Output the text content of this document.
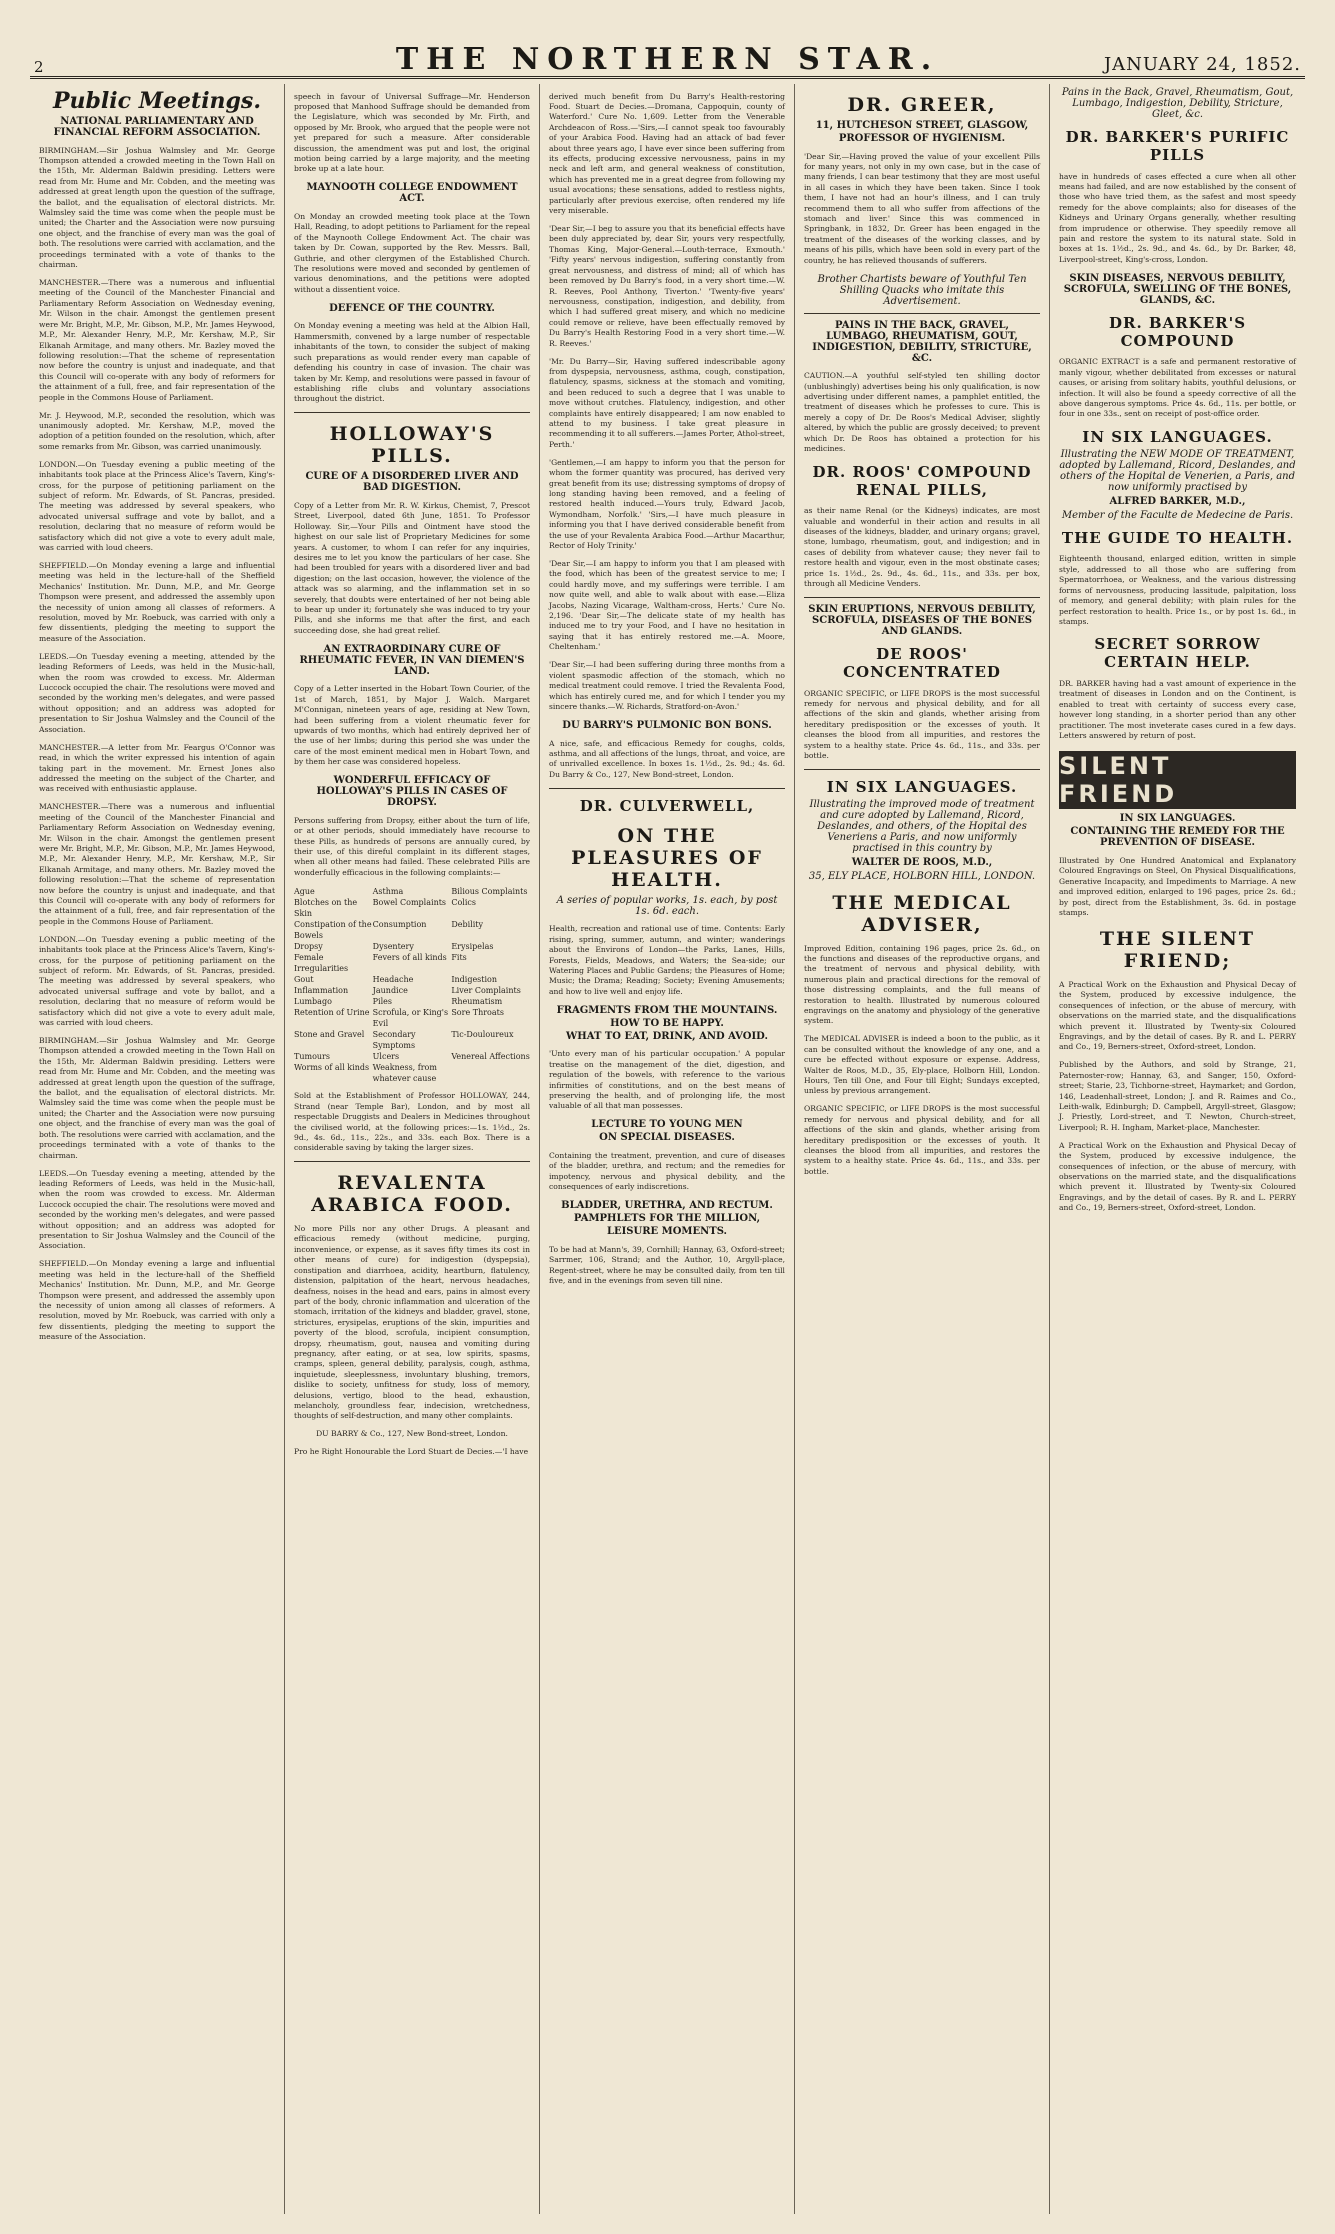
2	THE NORTHERN STAR.	JANUARY 24, 1852.
Public Meetings.
NATIONAL PARLIAMENTARY AND FINANCIAL REFORM ASSOCIATION.

BIRMINGHAM.—Sir Joshua Walmsley and Mr. George Thompson attended a crowded meeting in the Town Hall on the 15th, Mr. Alderman Baldwin presiding. Letters were read from Mr. Hume and Mr. Cobden, and the meeting was addressed at great length upon the question of the suffrage, the ballot, and the equalisation of electoral districts. Mr. Walmsley said the time was come when the people must be united; the Charter and the Association were now pursuing one object, and the franchise of every man was the goal of both. The resolutions were carried with acclamation, and the proceedings terminated with a vote of thanks to the chairman.

MANCHESTER.—There was a numerous and influential meeting of the Council of the Manchester Financial and Parliamentary Reform Association on Wednesday evening, Mr. Wilson in the chair. Amongst the gentlemen present were Mr. Bright, M.P., Mr. Gibson, M.P., Mr. James Heywood, M.P., Mr. Alexander Henry, M.P., Mr. Kershaw, M.P., Sir Elkanah Armitage, and many others. Mr. Bazley moved the following resolution:—That the scheme of representation now before the country is unjust and inadequate, and that this Council will co-operate with any body of reformers for the attainment of a full, free, and fair representation of the people in the Commons House of Parliament.

Mr. J. Heywood, M.P., seconded the resolution, which was unanimously adopted. Mr. Kershaw, M.P., moved the adoption of a petition founded on the resolution, which, after some remarks from Mr. Gibson, was carried unanimously.

LONDON.—On Tuesday evening a public meeting of the inhabitants took place at the Princess Alice's Tavern, King's-cross, for the purpose of petitioning parliament on the subject of reform. Mr. Edwards, of St. Pancras, presided. The meeting was addressed by several speakers, who advocated universal suffrage and vote by ballot, and a resolution, declaring that no measure of reform would be satisfactory which did not give a vote to every adult male, was carried with loud cheers.

SHEFFIELD.—On Monday evening a large and influential meeting was held in the lecture-hall of the Sheffield Mechanics' Institution. Mr. Dunn, M.P., and Mr. George Thompson were present, and addressed the assembly upon the necessity of union among all classes of reformers. A resolution, moved by Mr. Roebuck, was carried with only a few dissentients, pledging the meeting to support the measure of the Association.

LEEDS.—On Tuesday evening a meeting, attended by the leading Reformers of Leeds, was held in the Music-hall, when the room was crowded to excess. Mr. Alderman Luccock occupied the chair. The resolutions were moved and seconded by the working men's delegates, and were passed without opposition; and an address was adopted for presentation to Sir Joshua Walmsley and the Council of the Association.

MANCHESTER.—A letter from Mr. Feargus O'Connor was read, in which the writer expressed his intention of again taking part in the movement. Mr. Ernest Jones also addressed the meeting on the subject of the Charter, and was received with enthusiastic applause.

MANCHESTER.—There was a numerous and influential meeting of the Council of the Manchester Financial and Parliamentary Reform Association on Wednesday evening, Mr. Wilson in the chair. Amongst the gentlemen present were Mr. Bright, M.P., Mr. Gibson, M.P., Mr. James Heywood, M.P., Mr. Alexander Henry, M.P., Mr. Kershaw, M.P., Sir Elkanah Armitage, and many others. Mr. Bazley moved the following resolution:—That the scheme of representation now before the country is unjust and inadequate, and that this Council will co-operate with any body of reformers for the attainment of a full, free, and fair representation of the people in the Commons House of Parliament.

LONDON.—On Tuesday evening a public meeting of the inhabitants took place at the Princess Alice's Tavern, King's-cross, for the purpose of petitioning parliament on the subject of reform. Mr. Edwards, of St. Pancras, presided. The meeting was addressed by several speakers, who advocated universal suffrage and vote by ballot, and a resolution, declaring that no measure of reform would be satisfactory which did not give a vote to every adult male, was carried with loud cheers.

BIRMINGHAM.—Sir Joshua Walmsley and Mr. George Thompson attended a crowded meeting in the Town Hall on the 15th, Mr. Alderman Baldwin presiding. Letters were read from Mr. Hume and Mr. Cobden, and the meeting was addressed at great length upon the question of the suffrage, the ballot, and the equalisation of electoral districts. Mr. Walmsley said the time was come when the people must be united; the Charter and the Association were now pursuing one object, and the franchise of every man was the goal of both. The resolutions were carried with acclamation, and the proceedings terminated with a vote of thanks to the chairman.

LEEDS.—On Tuesday evening a meeting, attended by the leading Reformers of Leeds, was held in the Music-hall, when the room was crowded to excess. Mr. Alderman Luccock occupied the chair. The resolutions were moved and seconded by the working men's delegates, and were passed without opposition; and an address was adopted for presentation to Sir Joshua Walmsley and the Council of the Association.

SHEFFIELD.—On Monday evening a large and influential meeting was held in the lecture-hall of the Sheffield Mechanics' Institution. Mr. Dunn, M.P., and Mr. George Thompson were present, and addressed the assembly upon the necessity of union among all classes of reformers. A resolution, moved by Mr. Roebuck, was carried with only a few dissentients, pledging the meeting to support the measure of the Association.

speech in favour of Universal Suffrage—Mr. Henderson proposed that Manhood Suffrage should be demanded from the Legislature, which was seconded by Mr. Firth, and opposed by Mr. Brook, who argued that the people were not yet prepared for such a measure. After considerable discussion, the amendment was put and lost, the original motion being carried by a large majority, and the meeting broke up at a late hour.

MAYNOOTH COLLEGE ENDOWMENT ACT.

On Monday an crowded meeting took place at the Town Hall, Reading, to adopt petitions to Parliament for the repeal of the Maynooth College Endowment Act. The chair was taken by Dr. Cowan, supported by the Rev. Messrs. Ball, Guthrie, and other clergymen of the Established Church. The resolutions were moved and seconded by gentlemen of various denominations, and the petitions were adopted without a dissentient voice.

DEFENCE OF THE COUNTRY.

On Monday evening a meeting was held at the Albion Hall, Hammersmith, convened by a large number of respectable inhabitants of the town, to consider the subject of making such preparations as would render every man capable of defending his country in case of invasion. The chair was taken by Mr. Kemp, and resolutions were passed in favour of establishing rifle clubs and voluntary associations throughout the district.

HOLLOWAY'S PILLS.
CURE OF A DISORDERED LIVER AND BAD DIGESTION.

Copy of a Letter from Mr. R. W. Kirkus, Chemist, 7, Prescot Street, Liverpool, dated 6th June, 1851. To Professor Holloway. Sir,—Your Pills and Ointment have stood the highest on our sale list of Proprietary Medicines for some years. A customer, to whom I can refer for any inquiries, desires me to let you know the particulars of her case. She had been troubled for years with a disordered liver and bad digestion; on the last occasion, however, the violence of the attack was so alarming, and the inflammation set in so severely, that doubts were entertained of her not being able to bear up under it; fortunately she was induced to try your Pills, and she informs me that after the first, and each succeeding dose, she had great relief.

AN EXTRAORDINARY CURE OF RHEUMATIC FEVER, IN VAN DIEMEN'S LAND.

Copy of a Letter inserted in the Hobart Town Courier, of the 1st of March, 1851, by Major J. Walch. Margaret M'Connigan, nineteen years of age, residing at New Town, had been suffering from a violent rheumatic fever for upwards of two months, which had entirely deprived her of the use of her limbs; during this period she was under the care of the most eminent medical men in Hobart Town, and by them her case was considered hopeless.

WONDERFUL EFFICACY OF HOLLOWAY'S PILLS IN CASES OF DROPSY.

Persons suffering from Dropsy, either about the turn of life, or at other periods, should immediately have recourse to these Pills, as hundreds of persons are annually cured, by their use, of this direful complaint in its different stages, when all other means had failed. These celebrated Pills are wonderfully efficacious in the following complaints:—

Ague	Asthma	Bilious Complaints
Blotches on the Skin
Bowel Complaints Colics
Constipation of the Bowels
Consumption	Debility
Dropsy	Dysentery	Erysipelas
Female Irregularities
Fevers of all kinds Fits
Gout	Headache	Indigestion
Inflammation	Jaundice	Liver Complaints
Lumbago	Piles	Rheumatism
Retention of Urine Scrofula, or King's Evil
Sore Throats
Stone and Gravel	Secondary Symptoms
Tic-Douloureux
Tumours	Ulcers	Venereal Affections
Worms of all kinds Weakness, from whatever cause

Sold at the Establishment of Professor HOLLOWAY, 244, Strand (near Temple Bar), London, and by most all respectable Druggists and Dealers in Medicines throughout the civilised world, at the following prices:—1s. 1½d., 2s. 9d., 4s. 6d., 11s., 22s., and 33s. each Box. There is a considerable saving by taking the larger sizes.

REVALENTA ARABICA FOOD.

No more Pills nor any other Drugs. A pleasant and efficacious remedy (without medicine, purging, inconvenience, or expense, as it saves fifty times its cost in other means of cure) for indigestion (dyspepsia), constipation and diarrhoea, acidity, heartburn, flatulency, distension, palpitation of the heart, nervous headaches, deafness, noises in the head and ears, pains in almost every part of the body, chronic inflammation and ulceration of the stomach, irritation of the kidneys and bladder, gravel, stone, strictures, erysipelas, eruptions of the skin, impurities and poverty of the blood, scrofula, incipient consumption, dropsy, rheumatism, gout, nausea and vomiting during pregnancy, after eating, or at sea, low spirits, spasms, cramps, spleen, general debility, paralysis, cough, asthma, inquietude, sleeplessness, involuntary blushing, tremors, dislike to society, unfitness for study, loss of memory, delusions, vertigo, blood to the head, exhaustion, melancholy, groundless fear, indecision, wretchedness, thoughts of self-destruction, and many other complaints.

DU BARRY & Co., 127, New Bond-street, London.

Pro he Right Honourable the Lord Stuart de Decies.—'I have

derived much benefit from Du Barry's Health-restoring Food. Stuart de Decies.—Dromana, Cappoquin, county of Waterford.' Cure No. 1,609. Letter from the Venerable Archdeacon of Ross.—'Sirs,—I cannot speak too favourably of your Arabica Food. Having had an attack of bad fever about three years ago, I have ever since been suffering from its effects, producing excessive nervousness, pains in my neck and left arm, and general weakness of constitution, which has prevented me in a great degree from following my usual avocations; these sensations, added to restless nights, particularly after previous exercise, often rendered my life very miserable.

'Dear Sir,—I beg to assure you that its beneficial effects have been duly appreciated by, dear Sir, yours very respectfully, Thomas King, Major-General.—Louth-terrace, Exmouth.' 'Fifty years' nervous indigestion, suffering constantly from great nervousness, and distress of mind; all of which has been removed by Du Barry's food, in a very short time.—W. R. Reeves, Pool Anthony, Tiverton.' 'Twenty-five years' nervousness, constipation, indigestion, and debility, from which I had suffered great misery, and which no medicine could remove or relieve, have been effectually removed by Du Barry's Health Restoring Food in a very short time.—W. R. Reeves.'

'Mr. Du Barry—Sir, Having suffered indescribable agony from dyspepsia, nervousness, asthma, cough, constipation, flatulency, spasms, sickness at the stomach and vomiting, and been reduced to such a degree that I was unable to move without crutches. Flatulency, indigestion, and other complaints have entirely disappeared; I am now enabled to attend to my business. I take great pleasure in recommending it to all sufferers.—James Porter, Athol-street, Perth.'

'Gentlemen,—I am happy to inform you that the person for whom the former quantity was procured, has derived very great benefit from its use; distressing symptoms of dropsy of long standing having been removed, and a feeling of restored health induced.—Yours truly, Edward Jacob, Wymondham, Norfolk.' 'Sirs,—I have much pleasure in informing you that I have derived considerable benefit from the use of your Revalenta Arabica Food.—Arthur Macarthur, Rector of Holy Trinity.'

'Dear Sir,—I am happy to inform you that I am pleased with the food, which has been of the greatest service to me; I could hardly move, and my sufferings were terrible. I am now quite well, and able to walk about with ease.—Eliza Jacobs, Nazing Vicarage, Waltham-cross, Herts.' Cure No. 2,196. 'Dear Sir,—The delicate state of my health has induced me to try your Food, and I have no hesitation in saying that it has entirely restored me.—A. Moore, Cheltenham.'

'Dear Sir,—I had been suffering during three months from a violent spasmodic affection of the stomach, which no medical treatment could remove. I tried the Revalenta Food, which has entirely cured me, and for which I tender you my sincere thanks.—W. Richards, Stratford-on-Avon.'

DU BARRY'S PULMONIC BON BONS.

A nice, safe, and efficacious Remedy for coughs, colds, asthma, and all affections of the lungs, throat, and voice, are of unrivalled excellence. In boxes 1s. 1½d., 2s. 9d.; 4s. 6d. Du Barry & Co., 127, New Bond-street, London.

DR. CULVERWELL,
ON THE PLEASURES OF HEALTH.
A series of popular works, 1s. each, by post 1s. 6d. each.

Health, recreation and rational use of time. Contents: Early rising, spring, summer, autumn, and winter; wanderings about the Environs of London—the Parks, Lanes, Hills, Forests, Fields, Meadows, and Waters; the Sea-side; our Watering Places and Public Gardens; the Pleasures of Home; Music; the Drama; Reading; Society; Evening Amusements; and how to live well and enjoy life.

FRAGMENTS FROM THE MOUNTAINS.
HOW TO BE HAPPY.
WHAT TO EAT, DRINK, AND AVOID.

'Unto every man of his particular occupation.' A popular treatise on the management of the diet, digestion, and regulation of the bowels, with reference to the various infirmities of constitutions, and on the best means of preserving the health, and of prolonging life, the most valuable of all that man possesses.

LECTURE TO YOUNG MEN
ON SPECIAL DISEASES.

Containing the treatment, prevention, and cure of diseases of the bladder, urethra, and rectum; and the remedies for impotency, nervous and physical debility, and the consequences of early indiscretions.

BLADDER, URETHRA, AND RECTUM.
PAMPHLETS FOR THE MILLION,
LEISURE MOMENTS.

To be had at Mann's, 39, Cornhill; Hannay, 63, Oxford-street; Sarrmer, 106, Strand; and the Author, 10, Argyll-place, Regent-street, where he may be consulted daily, from ten till five, and in the evenings from seven till nine.

DR. GREER,
11, HUTCHESON STREET, GLASGOW,
PROFESSOR OF HYGIENISM.

'Dear Sir,—Having proved the value of your excellent Pills for many years, not only in my own case, but in the case of many friends, I can bear testimony that they are most useful in all cases in which they have been taken. Since I took them, I have not had an hour's illness, and I can truly recommend them to all who suffer from affections of the stomach and liver.' Since this was commenced in Springbank, in 1832, Dr. Greer has been engaged in the treatment of the diseases of the working classes, and by means of his pills, which have been sold in every part of the country, he has relieved thousands of sufferers.

Brother Chartists beware of Youthful Ten Shilling Quacks who imitate this Advertisement.
PAINS IN THE BACK, GRAVEL, LUMBAGO, RHEUMATISM, GOUT, INDIGESTION, DEBILITY, STRICTURE, &C.

CAUTION.—A youthful self-styled ten shilling doctor (unblushingly) advertises being his only qualification, is now advertising under different names, a pamphlet entitled, the treatment of diseases which he professes to cure. This is merely a copy of Dr. De Roos's Medical Adviser, slightly altered, by which the public are grossly deceived; to prevent which Dr. De Roos has obtained a protection for his medicines.

DR. ROOS' COMPOUND RENAL PILLS,

as their name Renal (or the Kidneys) indicates, are most valuable and wonderful in their action and results in all diseases of the kidneys, bladder, and urinary organs; gravel, stone, lumbago, rheumatism, gout, and indigestion; and in cases of debility from whatever cause; they never fail to restore health and vigour, even in the most obstinate cases; price 1s. 1½d., 2s. 9d., 4s. 6d., 11s., and 33s. per box, through all Medicine Venders.

SKIN ERUPTIONS, NERVOUS DEBILITY, SCROFULA, DISEASES OF THE BONES AND GLANDS.
DE ROOS' CONCENTRATED

ORGANIC SPECIFIC, or LIFE DROPS is the most successful remedy for nervous and physical debility, and for all affections of the skin and glands, whether arising from hereditary predisposition or the excesses of youth. It cleanses the blood from all impurities, and restores the system to a healthy state. Price 4s. 6d., 11s., and 33s. per bottle.

IN SIX LANGUAGES.
Illustrating the improved mode of treatment and cure adopted by Lallemand, Ricord, Deslandes, and others, of the Hopital des Veneriens a Paris, and now uniformly practised in this country by
WALTER DE ROOS, M.D.,
35, ELY PLACE, HOLBORN HILL, LONDON.
THE MEDICAL ADVISER,

Improved Edition, containing 196 pages, price 2s. 6d., on the functions and diseases of the reproductive organs, and the treatment of nervous and physical debility, with numerous plain and practical directions for the removal of those distressing complaints, and the full means of restoration to health. Illustrated by numerous coloured engravings on the anatomy and physiology of the generative system.

The MEDICAL ADVISER is indeed a boon to the public, as it can be consulted without the knowledge of any one, and a cure be effected without exposure or expense. Address, Walter de Roos, M.D., 35, Ely-place, Holborn Hill, London. Hours, Ten till One, and Four till Eight; Sundays excepted, unless by previous arrangement.

ORGANIC SPECIFIC, or LIFE DROPS is the most successful remedy for nervous and physical debility, and for all affections of the skin and glands, whether arising from hereditary predisposition or the excesses of youth. It cleanses the blood from all impurities, and restores the system to a healthy state. Price 4s. 6d., 11s., and 33s. per bottle.

Pains in the Back, Gravel, Rheumatism, Gout, Lumbago, Indigestion, Debility, Stricture, Gleet, &c.
DR. BARKER'S PURIFIC PILLS

have in hundreds of cases effected a cure when all other means had failed, and are now established by the consent of those who have tried them, as the safest and most speedy remedy for the above complaints; also for diseases of the Kidneys and Urinary Organs generally, whether resulting from imprudence or otherwise. They speedily remove all pain and restore the system to its natural state. Sold in boxes at 1s. 1½d., 2s. 9d., and 4s. 6d., by Dr. Barker, 48, Liverpool-street, King's-cross, London.

SKIN DISEASES, NERVOUS DEBILITY, SCROFULA, SWELLING OF THE BONES, GLANDS, &C.
DR. BARKER'S COMPOUND

ORGANIC EXTRACT is a safe and permanent restorative of manly vigour, whether debilitated from excesses or natural causes, or arising from solitary habits, youthful delusions, or infection. It will also be found a speedy corrective of all the above dangerous symptoms. Price 4s. 6d., 11s. per bottle, or four in one 33s., sent on receipt of post-office order.

IN SIX LANGUAGES.
Illustrating the NEW MODE OF TREATMENT, adopted by Lallemand, Ricord, Deslandes, and others of the Hopital de Venerien, a Paris, and now uniformly practised by
ALFRED BARKER, M.D.,
Member of the Faculte de Medecine de Paris.
THE GUIDE TO HEALTH.

Eighteenth thousand, enlarged edition, written in simple style, addressed to all those who are suffering from Spermatorrhoea, or Weakness, and the various distressing forms of nervousness, producing lassitude, palpitation, loss of memory, and general debility; with plain rules for the perfect restoration to health. Price 1s., or by post 1s. 6d., in stamps.

SECRET SORROW CERTAIN HELP.

DR. BARKER having had a vast amount of experience in the treatment of diseases in London and on the Continent, is enabled to treat with certainty of success every case, however long standing, in a shorter period than any other practitioner. The most inveterate cases cured in a few days. Letters answered by return of post.

SILENT FRIEND
IN SIX LANGUAGES.
CONTAINING THE REMEDY FOR THE PREVENTION OF DISEASE.

Illustrated by One Hundred Anatomical and Explanatory Coloured Engravings on Steel, On Physical Disqualifications, Generative Incapacity, and Impediments to Marriage. A new and improved edition, enlarged to 196 pages, price 2s. 6d.; by post, direct from the Establishment, 3s. 6d. in postage stamps.

THE SILENT FRIEND;

A Practical Work on the Exhaustion and Physical Decay of the System, produced by excessive indulgence, the consequences of infection, or the abuse of mercury, with observations on the married state, and the disqualifications which prevent it. Illustrated by Twenty-six Coloured Engravings, and by the detail of cases. By R. and L. PERRY and Co., 19, Berners-street, Oxford-street, London.

Published by the Authors, and sold by Strange, 21, Paternoster-row; Hannay, 63, and Sanger, 150, Oxford-street; Starie, 23, Tichborne-street, Haymarket; and Gordon, 146, Leadenhall-street, London; J. and R. Raimes and Co., Leith-walk, Edinburgh; D. Campbell, Argyll-street, Glasgow; J. Priestly, Lord-street, and T. Newton, Church-street, Liverpool; R. H. Ingham, Market-place, Manchester.

A Practical Work on the Exhaustion and Physical Decay of the System, produced by excessive indulgence, the consequences of infection, or the abuse of mercury, with observations on the married state, and the disqualifications which prevent it. Illustrated by Twenty-six Coloured Engravings, and by the detail of cases. By R. and L. PERRY and Co., 19, Berners-street, Oxford-street, London.
